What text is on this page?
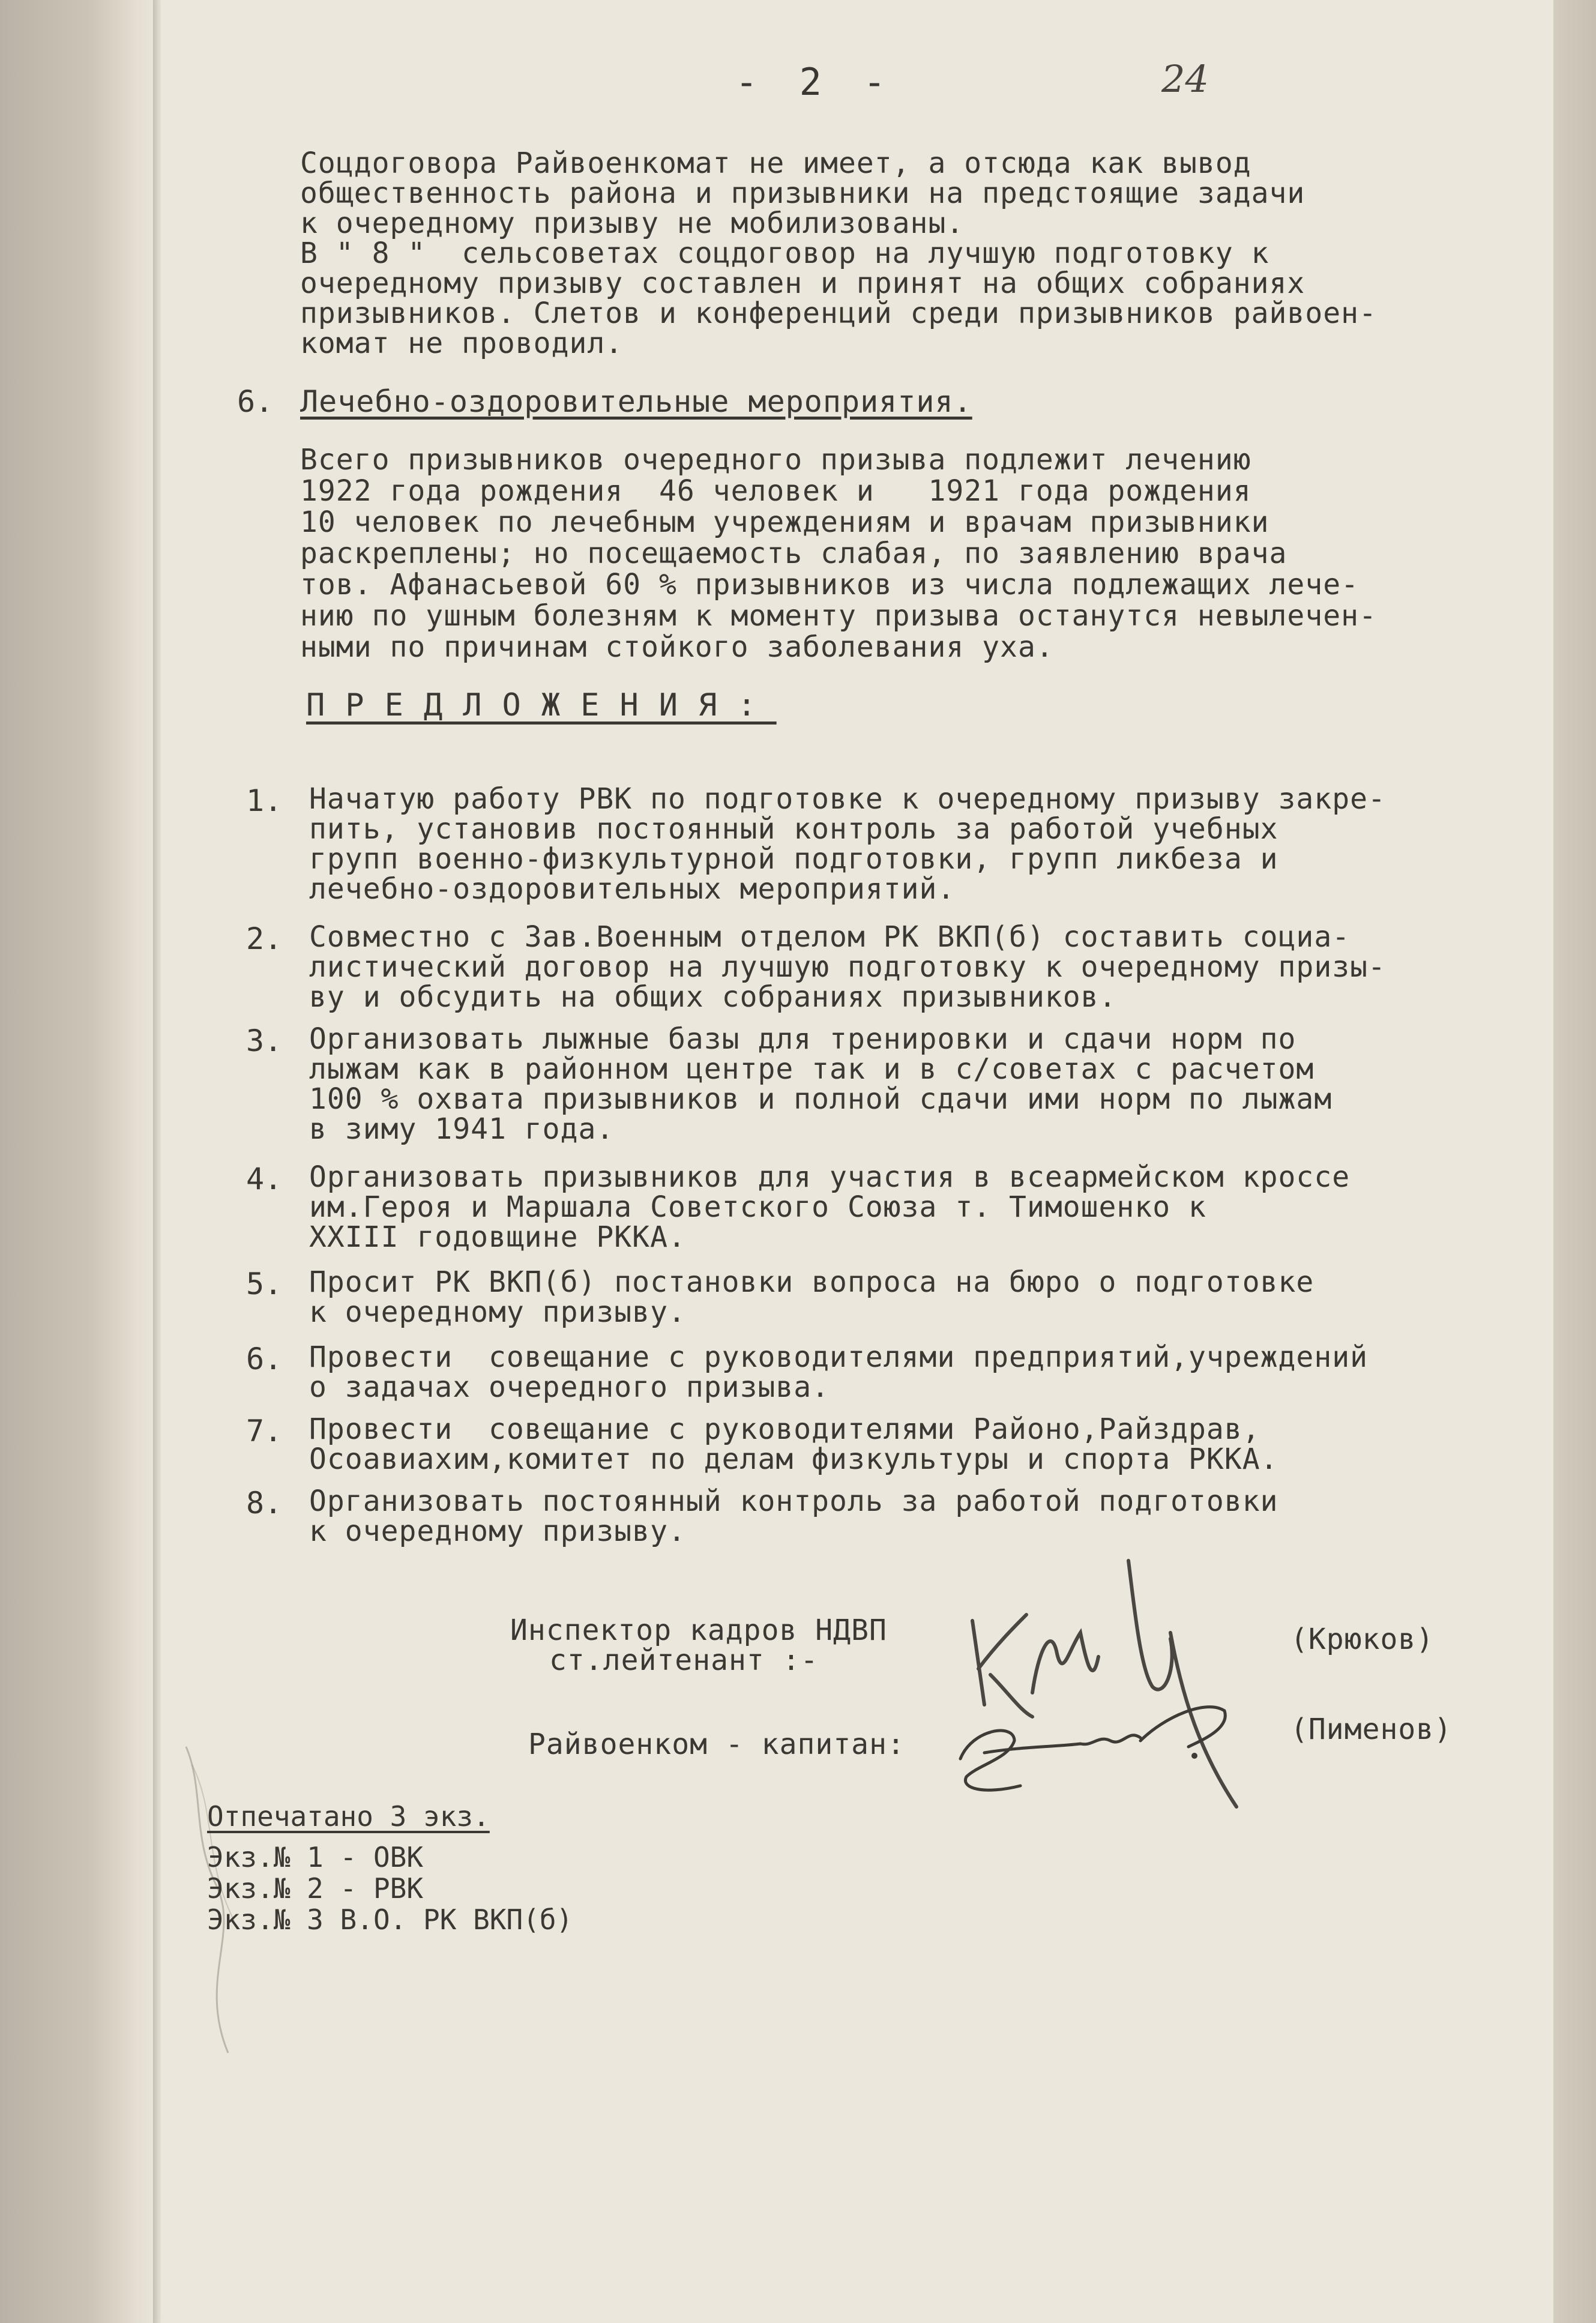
- 2 -	24
Соцдоговора Райвоенкомат не имеет, а отсюда как вывод
общественность района и призывники на предстоящие задачи
к очередному призыву не мобилизованы.
В " 8 "  сельсоветах соцдоговор на лучшую подготовку к
очередному призыву составлен и принят на общих собраниях
призывников. Слетов и конференций среди призывников райвоен-
комат не проводил.
6. Лечебно-оздоровительные мероприятия.
Всего призывников очередного призыва подлежит лечению
1922 года рождения  46 человек и   1921 года рождения
10 человек по лечебным учреждениям и врачам призывники
раскреплены; но посещаемость слабая, по заявлению врача
тов. Афанасьевой 60 % призывников из числа подлежащих лече-
нию по ушным болезням к моменту призыва останутся невылечен-
ными по причинам стойкого заболевания уха.
ПРЕДЛОЖЕНИЯ:
1. Начатую работу РВК по подготовке к очередному призыву закре-
пить, установив постоянный контроль за работой учебных
групп военно-физкультурной подготовки, групп ликбеза и
лечебно-оздоровительных мероприятий.
2. Совместно с Зав.Военным отделом РК ВКП(б) составить социа-
листический договор на лучшую подготовку к очередному призы-
ву и обсудить на общих собраниях призывников.
3. Организовать лыжные базы для тренировки и сдачи норм по
лыжам как в районном центре так и в с/советах с расчетом
100 % охвата призывников и полной сдачи ими норм по лыжам
в зиму 1941 года.
4. Организовать призывников для участия в всеармейском кроссе
им.Героя и Маршала Советского Союза т. Тимошенко к
XXIII годовщине РККА.
5. Просит РК ВКП(б) постановки вопроса на бюро о подготовке
к очередному призыву.
6. Провести  совещание с руководителями предприятий,учреждений
о задачах очередного призыва.
7. Провести  совещание с руководителями Районо,Райздрав,
Осоавиахим,комитет по делам физкультуры и спорта РККА.
8. Организовать постоянный контроль за работой подготовки
к очередному призыву.
Инспектор кадров НДВП
ст.лейтенант :-
(Крюков)
Райвоенком - капитан:	(Пименов)
Отпечатано 3 экз.
Экз.№ 1 - ОВК
Экз.№ 2 - РВК
Экз.№ 3 В.О. РК ВКП(б)
